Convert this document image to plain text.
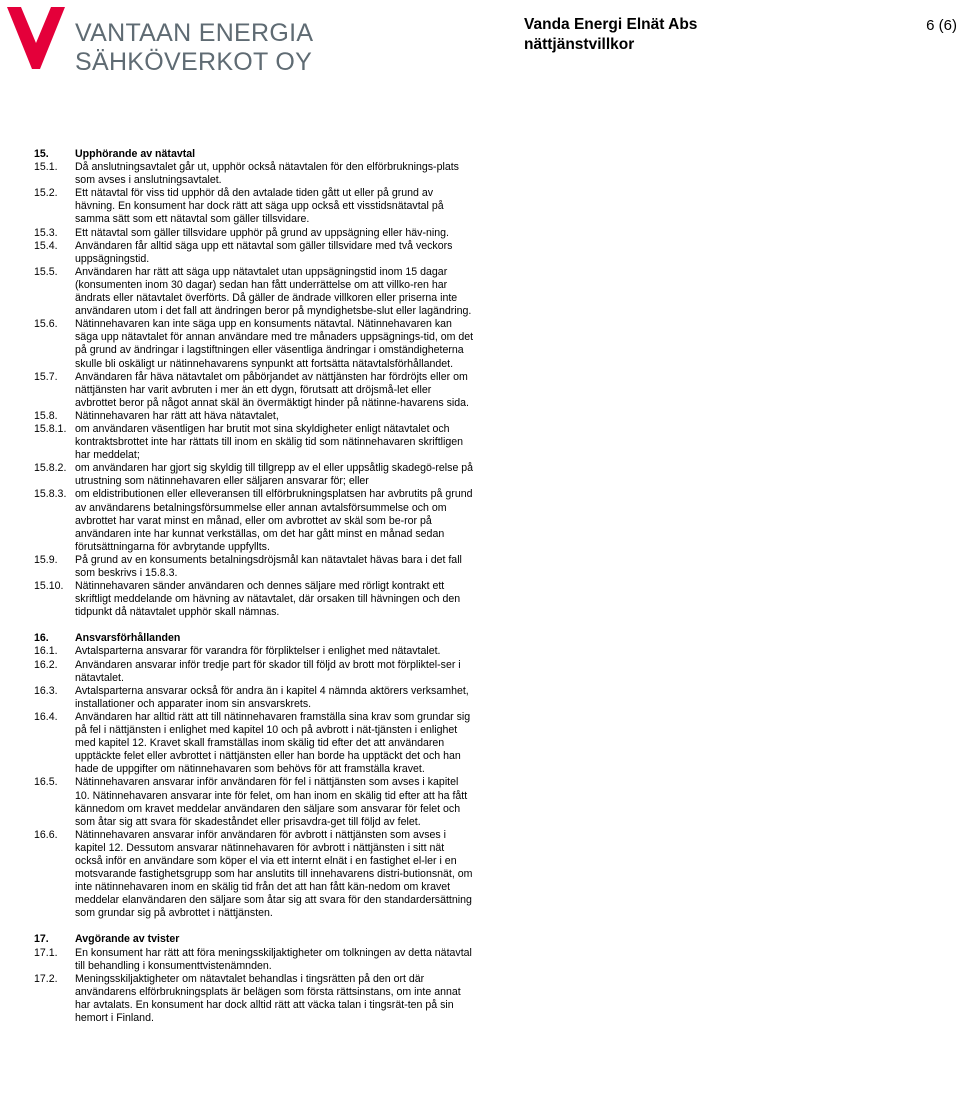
VANTAAN ENERGIA
SÄHKÖVERKOT OY
Vanda Energi Elnät Abs
nättjänstvillkor
6 (6)
15.	Upphörande av nätavtal
15.1.	Då anslutningsavtalet går ut, upphör också nätavtalen för den elförbruknings-plats som avses i anslutningsavtalet.
15.2.	Ett nätavtal för viss tid upphör då den avtalade tiden gått ut eller på grund av hävning. En konsument har dock rätt att säga upp också ett visstidsnätavtal på samma sätt som ett nätavtal som gäller tillsvidare.
15.3.	Ett nätavtal som gäller tillsvidare upphör på grund av uppsägning eller häv-ning.
15.4.	Användaren får alltid säga upp ett nätavtal som gäller tillsvidare med två veckors uppsägningstid.
15.5.	Användaren har rätt att säga upp nätavtalet utan uppsägningstid inom 15 dagar (konsumenten inom 30 dagar) sedan han fått underrättelse om att villko-ren har ändrats eller nätavtalet överförts. Då gäller de ändrade villkoren eller priserna inte användaren utom i det fall att ändringen beror på myndighetsbe-slut eller lagändring.
15.6.	Nätinnehavaren kan inte säga upp en konsuments nätavtal. Nätinnehavaren kan säga upp nätavtalet för annan användare med tre månaders uppsägnings-tid, om det på grund av ändringar i lagstiftningen eller väsentliga ändringar i omständigheterna skulle bli oskäligt ur nätinnehavarens synpunkt att fortsätta nätavtalsförhållandet.
15.7.	Användaren får häva nätavtalet om påbörjandet av nättjänsten har fördröjts eller om nättjänsten har varit avbruten i mer än ett dygn, förutsatt att dröjsmå-let eller avbrottet beror på något annat skäl än övermäktigt hinder på nätinne-havarens sida.
15.8.	Nätinnehavaren har rätt att häva nätavtalet,
15.8.1. om användaren väsentligen har brutit mot sina skyldigheter enligt nätavtalet och kontraktsbrottet inte har rättats till inom en skälig tid som nätinnehavaren skriftligen har meddelat;
15.8.2. om användaren har gjort sig skyldig till tillgrepp av el eller uppsåtlig skadegö-relse på utrustning som nätinnehavaren eller säljaren ansvarar för; eller
15.8.3. om eldistributionen eller elleveransen till elförbrukningsplatsen har avbrutits på grund av användarens betalningsförsummelse eller annan avtalsförsummelse och om avbrottet har varat minst en månad, eller om avbrottet av skäl som be-ror på användaren inte har kunnat verkställas, om det har gått minst en månad sedan förutsättningarna för avbrytande uppfyllts.
15.9.	På grund av en konsuments betalningsdröjsmål kan nätavtalet hävas bara i det fall som beskrivs i 15.8.3.
15.10.	Nätinnehavaren sänder användaren och dennes säljare med rörligt kontrakt ett skriftligt meddelande om hävning av nätavtalet, där orsaken till hävningen och den tidpunkt då nätavtalet upphör skall nämnas.
16.	Ansvarsförhållanden
16.1.	Avtalsparterna ansvarar för varandra för förpliktelser i enlighet med nätavtalet.
16.2.	Användaren ansvarar inför tredje part för skador till följd av brott mot förpliktel-ser i nätavtalet.
16.3.	Avtalsparterna ansvarar också för andra än i kapitel 4 nämnda aktörers verksamhet, installationer och apparater inom sin ansvarskrets.
16.4.	Användaren har alltid rätt att till nätinnehavaren framställa sina krav som grundar sig på fel i nättjänsten i enlighet med kapitel 10 och på avbrott i nät-tjänsten i enlighet med kapitel 12. Kravet skall framställas inom skälig tid efter det att användaren upptäckte felet eller avbrottet i nättjänsten eller han borde ha upptäckt det och han hade de uppgifter om nätinnehavaren som behövs för att framställa kravet.
16.5.	Nätinnehavaren ansvarar inför användaren för fel i nättjänsten som avses i kapitel 10. Nätinnehavaren ansvarar inte för felet, om han inom en skälig tid efter att ha fått kännedom om kravet meddelar användaren den säljare som ansvarar för felet och som åtar sig att svara för skadeståndet eller prisavdra-get till följd av felet.
16.6.	Nätinnehavaren ansvarar inför användaren för avbrott i nättjänsten som avses i kapitel 12. Dessutom ansvarar nätinnehavaren för avbrott i nättjänsten i sitt nät också inför en användare som köper el via ett internt elnät i en fastighet el-ler i en motsvarande fastighetsgrupp som har anslutits till innehavarens distri-butionsnät, om inte nätinnehavaren inom en skälig tid från det att han fått kän-nedom om kravet meddelar elanvändaren den säljare som åtar sig att svara för den standardersättning som grundar sig på avbrottet i nättjänsten.
17.	Avgörande av tvister
17.1.	En konsument har rätt att föra meningsskiljaktigheter om tolkningen av detta nätavtal till behandling i konsumenttvistenämnden.
17.2.	Meningsskiljaktigheter om nätavtalet behandlas i tingsrätten på den ort där användarens elförbrukningsplats är belägen som första rättsinstans, om inte annat har avtalats. En konsument har dock alltid rätt att väcka talan i tingsrät-ten på sin hemort i Finland.
